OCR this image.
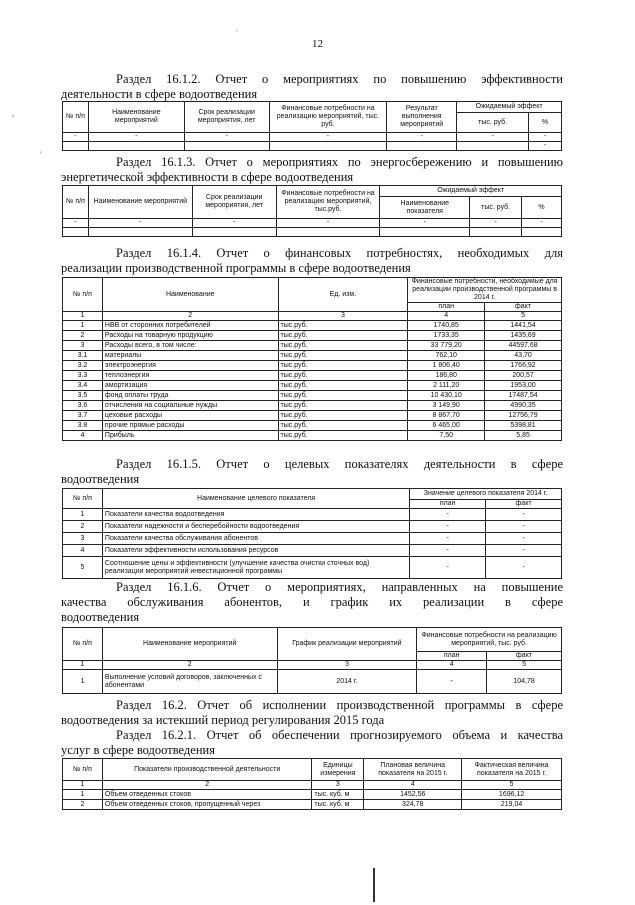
12
'
,
'
Раздел 16.1.2. Отчет о мероприятиях по повышению эффективности
деятельности в сфере водоотведения
№ п/п	Наименование мероприятий	Срок реализации мероприятия, лет	Финансовые потребности на реализацию мероприятий, тыс. руб.	Результат выполнения мероприятий	Ожидаемый эффект	
					тыс. руб.	%
-	-	-	-	-	-	-
						-
Раздел 16.1.3. Отчет о мероприятиях по энергосбережению и повышению
энергетической эффективности в сфере водоотведения
№ п/п	Наименование мероприятий	Срок реализации мероприятия, лет	Финансовые потребности на реализацию мероприятий, тыс.руб.	Ожидаемый эффект		
				Наименование показателя	тыс. руб.	%
-	-	-	-	-	-	-

Раздел 16.1.4. Отчет о финансовых потребностях, необходимых для
реализации производственной программы в сфере водоотведения
№ п/п	Наименование	Ед. изм.	Финансовые потребности, необходимые для реализации производственной программы в 2014 г.	
			план	факт
1	2	3	4	5
1	НВВ от сторонних потребителей	тыс.руб.	1740,85	1441,54
2	Расходы на товарную продукцию	тыс.руб.	1733,35	1435,69
3	Расходы всего, в том числе:	тыс.руб.	33 779,20	44597,68
3.1	материалы	тыс.руб.	762,10	43,70
3.2	электроэнергия	тыс.руб.	1 806,40	1766,92
3.3	теплоэнергия	тыс.руб.	186,80	200,57
3.4	амортизация	тыс.руб.	2 111,20	1953,00
3.5	фонд оплаты труда	тыс.руб.	10 430,10	17487,54
3.6	отчисления на социальные нужды	тыс.руб.	3 149,90	4990,35
3.7	цеховые расходы	тыс.руб.	8 867,70	12756,79
3.8	прочие прямые расходы	тыс.руб.	6 465,00	5398,81
4	Прибыль	тыс.руб.	7,50	5,85
Раздел 16.1.5. Отчет о целевых показателях деятельности в сфере
водоотведения
№ п/п	Наименование целевого показателя	Значение целевого показателя 2014 г.	
		план	факт
1	Показатели качества водоотведения	-	-
2	Показатели надежности и бесперебойности водоотведения	-	-
3	Показатели качества обслуживания абонентов	-	-
4	Показатели эффективности использования ресурсов	-	-
5	Соотношение цены и эффективности (улучшение качества очистки сточных вод) реализации мероприятий инвестиционной программы	-	-
Раздел 16.1.6. Отчет о мероприятиях, направленных на повышение
качества обслуживания абонентов, и график их реализации в сфере
водоотведения
№ п/п	Наименование мероприятий	График реализации мероприятий	Финансовые потребности на реализацию мероприятий, тыс. руб.	
			план	факт
1	2	3	4	5
1	Выполнение условий договоров, заключенных с абонентами	2014 г.	-	104,78
Раздел 16.2. Отчет об исполнении производственной программы в сфере
водоотведения за истекший период регулирования 2015 года
Раздел 16.2.1. Отчет об обеспечении прогнозируемого объема и качества
услуг в сфере водоотведения
№ п/п	Показатели производственной деятельности	Единицы измерения	Плановая величина показателя на 2015 г.	Фактическая величина показателя на 2015 г.
1	2	3	4	5
1	Объем отведенных стоков	тыс. куб. м	1452,56	1696,12
2	Объем отведенных стоков, пропущенный через	тыс. куб. м	324,78	219,04
